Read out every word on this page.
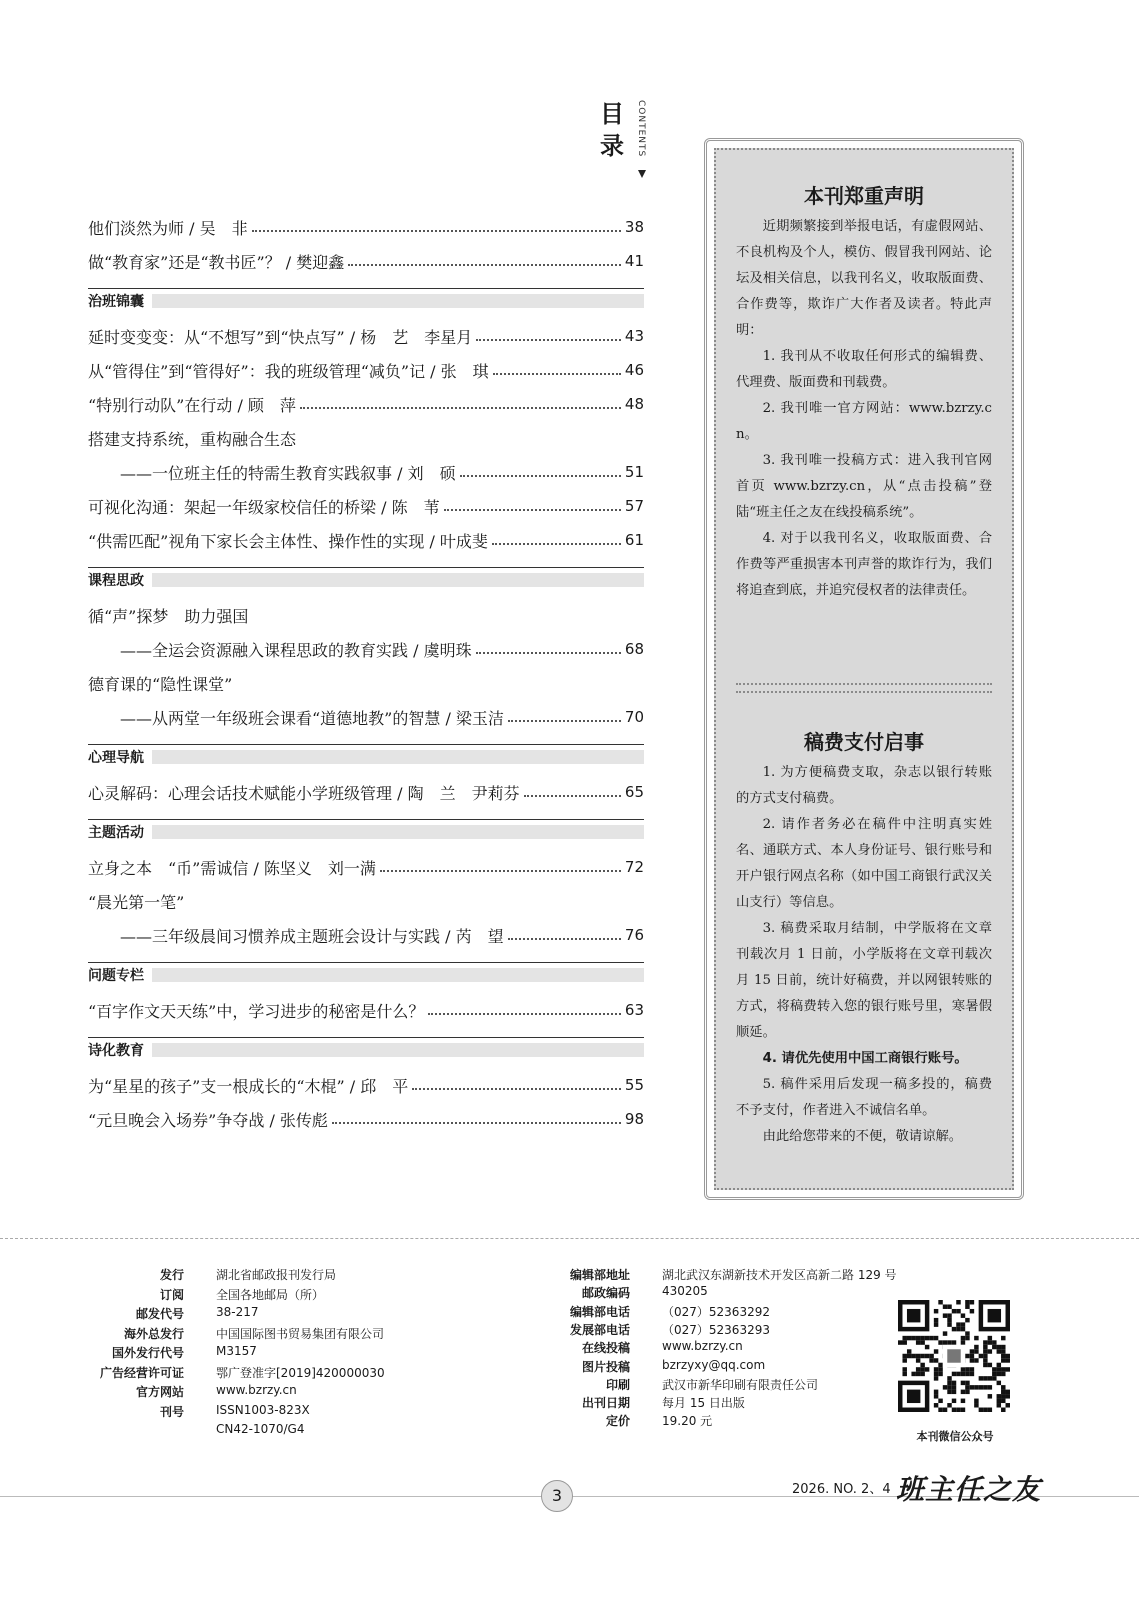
目
录	CONTENTS
他们淡然为师 / 吴　非	38
做“教育家”还是“教书匠”？ / 樊迎鑫	41
治班锦囊
延时变变变：从“不想写”到“快点写” / 杨　艺　李星月	43
从“管得住”到“管得好”：我的班级管理“减负”记 / 张　琪	46
“特别行动队”在行动 / 顾　萍	48
搭建支持系统，重构融合生态
——一位班主任的特需生教育实践叙事 / 刘　硕	51
可视化沟通：架起一年级家校信任的桥梁 / 陈　苇	57
“供需匹配”视角下家长会主体性、操作性的实现 / 叶成斐	61
课程思政
循“声”探梦　助力强国
——全运会资源融入课程思政的教育实践 / 虞明珠	68
德育课的“隐性课堂”
——从两堂一年级班会课看“道德地教”的智慧 / 梁玉洁	70
心理导航
心灵解码：心理会话技术赋能小学班级管理 / 陶　兰　尹莉芬	65
主题活动
立身之本　“币”需诚信 / 陈坚义　刘一满	72
“晨光第一笔”
——三年级晨间习惯养成主题班会设计与实践 / 芮　望	76
问题专栏
“百字作文天天练”中，学习进步的秘密是什么？	63
诗化教育
为“星星的孩子”支一根成长的“木棍” / 邱　平	55
“元旦晚会入场券”争夺战 / 张传彪	98
本刊郑重声明
近期频繁接到举报电话，有虚假网站、不良机构及个人，模仿、假冒我刊网站、论坛及相关信息，以我刊名义，收取版面费、合作费等，欺诈广大作者及读者。特此声明：
1. 我刊从不收取任何形式的编辑费、代理费、版面费和刊载费。
2. 我刊唯一官方网站：www.bzrzy.cn。
3. 我刊唯一投稿方式：进入我刊官网首页 www.bzrzy.cn，从“点击投稿”登陆“班主任之友在线投稿系统”。
4. 对于以我刊名义，收取版面费、合作费等严重损害本刊声誉的欺诈行为，我们将追查到底，并追究侵权者的法律责任。
稿费支付启事
1. 为方便稿费支取，杂志以银行转账的方式支付稿费。
2. 请作者务必在稿件中注明真实姓名、通联方式、本人身份证号、银行账号和开户银行网点名称（如中国工商银行武汉关山支行）等信息。
3. 稿费采取月结制，中学版将在文章刊载次月 1 日前，小学版将在文章刊载次月 15 日前，统计好稿费，并以网银转账的方式，将稿费转入您的银行账号里，寒暑假顺延。
4. 请优先使用中国工商银行账号。
5. 稿件采用后发现一稿多投的，稿费不予支付，作者进入不诚信名单。
由此给您带来的不便，敬请谅解。
发行	湖北省邮政报刊发行局
订阅	全国各地邮局（所）
邮发代号	38-217
海外总发行	中国国际图书贸易集团有限公司
国外发行代号	M3157
广告经营许可证	鄂广登准字[2019]420000030
官方网站	www.bzrzy.cn
刊号	ISSN1003-823X
CN42-1070/G4
编辑部地址	湖北武汉东湖新技术开发区高新二路 129 号
邮政编码	430205
编辑部电话	（027）52363292
发展部电话	（027）52363293
在线投稿	www.bzrzy.cn
图片投稿	bzrzyxy@qq.com
印刷	武汉市新华印刷有限责任公司
出刊日期	每月 15 日出版
定价	19.20 元
本刊微信公众号
3	2026. NO. 2、4 班主任之友
